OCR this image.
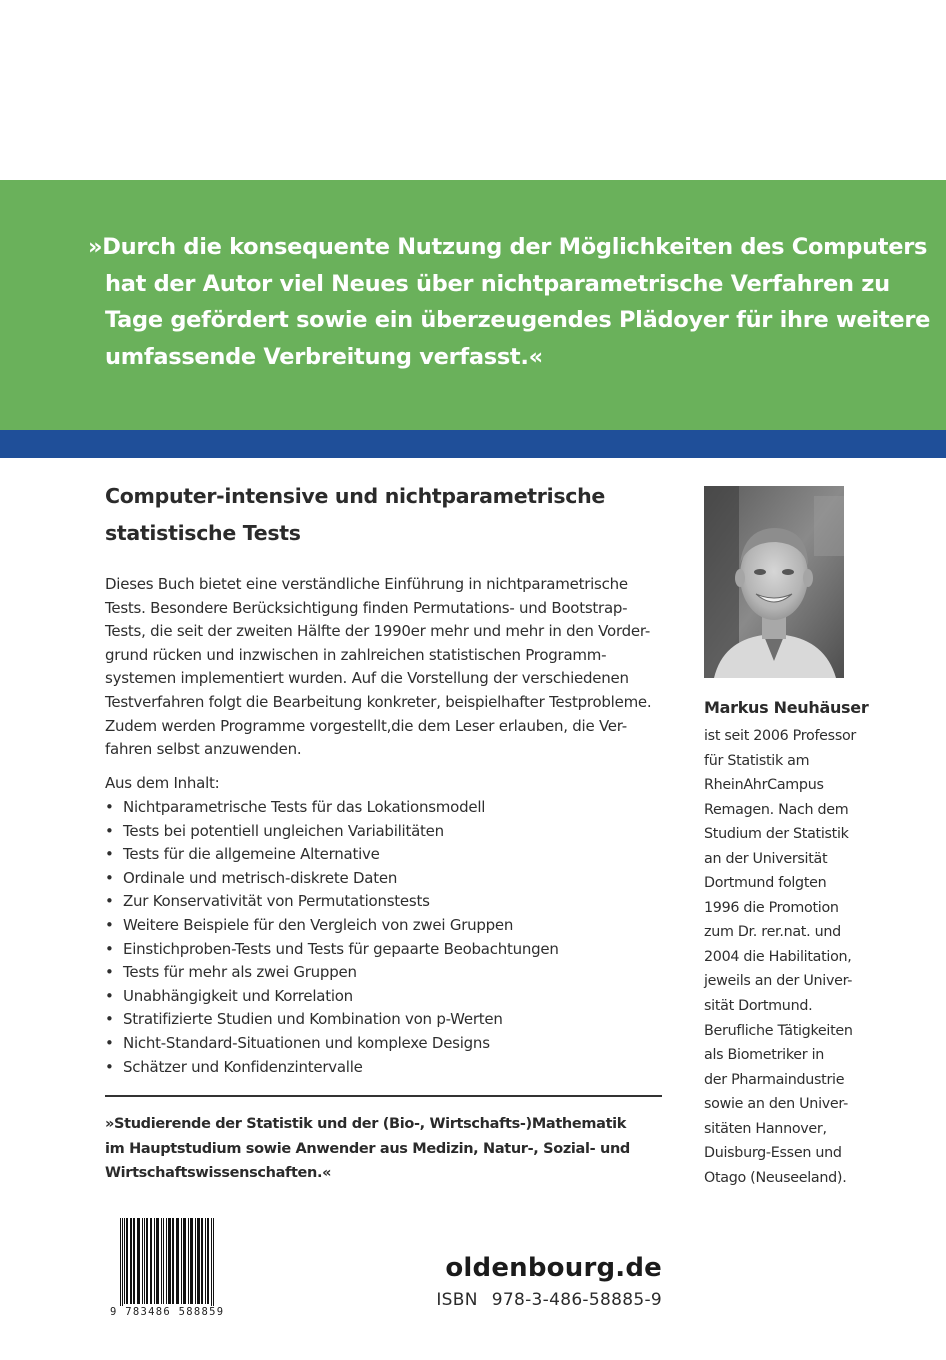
»Durch die konsequente Nutzung der Möglichkeiten des Computers
hat der Autor viel Neues über nichtparametrische Verfahren zu
Tage gefördert sowie ein überzeugendes Plädoyer für ihre weitere
umfassende Verbreitung verfasst.«
Computer-intensive und nichtparametrische
statistische Tests
Dieses Buch bietet eine verständliche Einführung in nichtparametrische
Tests. Besondere Berücksichtigung finden Permutations- und Bootstrap-
Tests, die seit der zweiten Hälfte der 1990er mehr und mehr in den Vorder-
grund rücken und inzwischen in zahlreichen statistischen Programm-
systemen implementiert wurden. Auf die Vorstellung der verschiedenen
Testverfahren folgt die Bearbeitung konkreter, beispielhafter Testprobleme.
Zudem werden Programme vorgestellt,die dem Leser erlauben, die Ver-
fahren selbst anzuwenden.
Aus dem Inhalt:
• Nichtparametrische Tests für das Lokationsmodell
• Tests bei potentiell ungleichen Variabilitäten
• Tests für die allgemeine Alternative
• Ordinale und metrisch-diskrete Daten
• Zur Konservativität von Permutationstests
• Weitere Beispiele für den Vergleich von zwei Gruppen
• Einstichproben-Tests und Tests für gepaarte Beobachtungen
• Tests für mehr als zwei Gruppen
• Unabhängigkeit und Korrelation
• Stratifizierte Studien und Kombination von p-Werten
• Nicht-Standard-Situationen und komplexe Designs
• Schätzer und Konfidenzintervalle
»Studierende der Statistik und der (Bio-, Wirtschafts-)Mathematik
im Hauptstudium sowie Anwender aus Medizin, Natur-, Sozial- und
Wirtschaftswissenschaften.«
Markus Neuhäuser
ist seit 2006 Professor
für Statistik am
RheinAhrCampus
Remagen. Nach dem
Studium der Statistik
an der Universität
Dortmund folgten
1996 die Promotion
zum Dr. rer.nat. und
2004 die Habilitation,
jeweils an der Univer-
sität Dortmund.
Berufliche Tätigkeiten
als Biometriker in
der Pharmaindustrie
sowie an den Univer-
sitäten Hannover,
Duisburg-Essen und
Otago (Neuseeland).
9 783486 588859
oldenbourg.de
ISBN 978-3-486-58885-9
